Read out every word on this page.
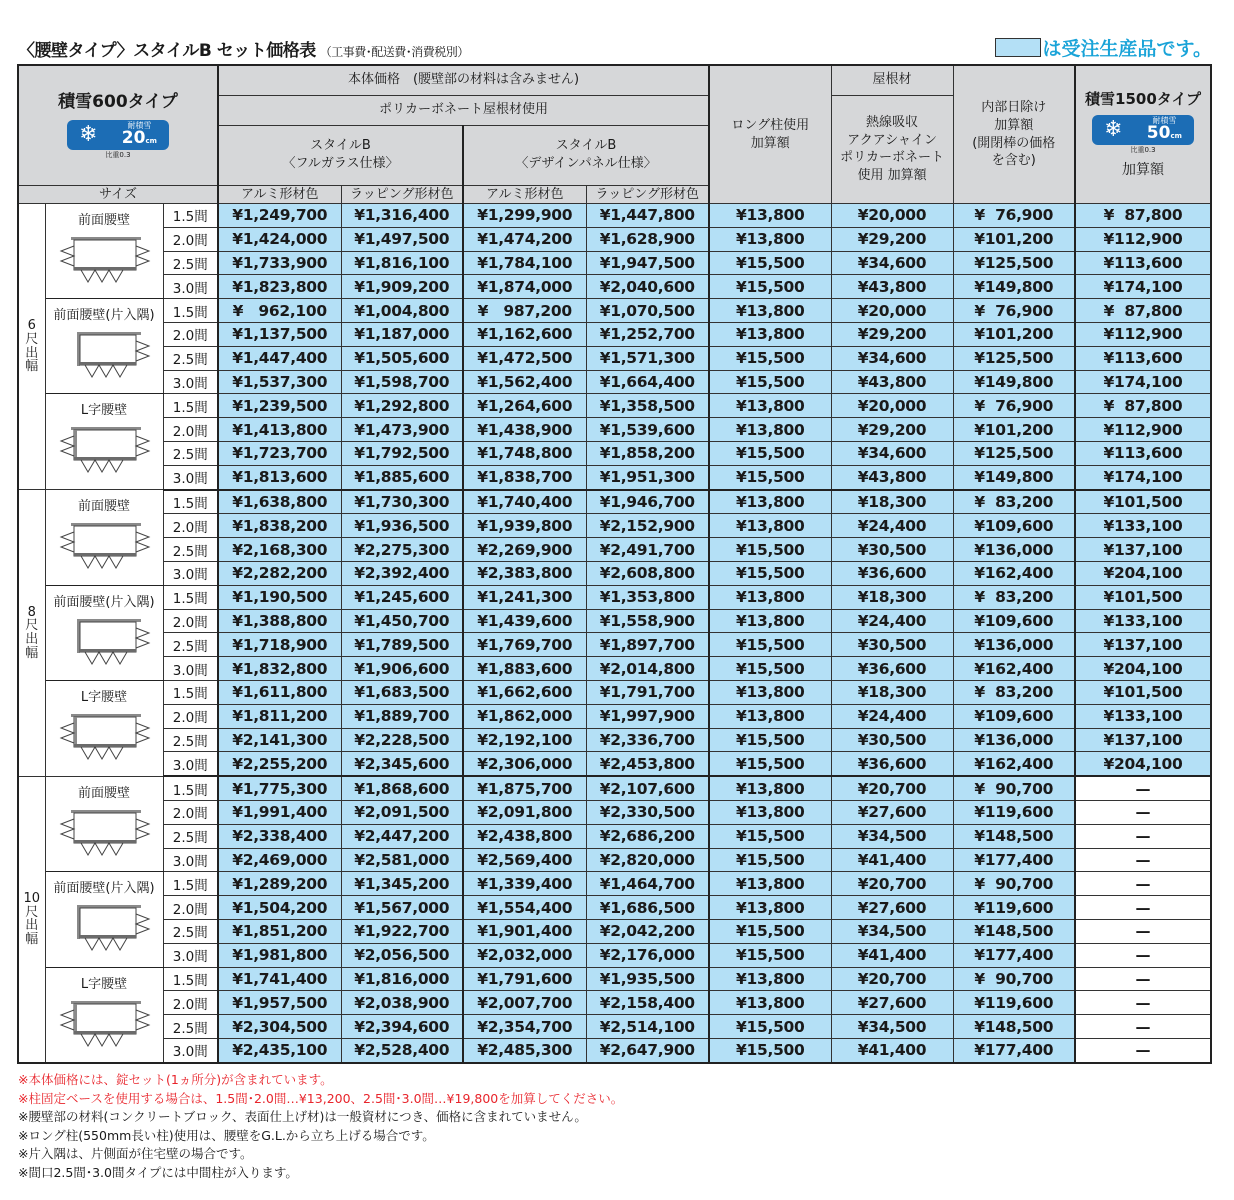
〈腰壁タイプ〉スタイルB セット価格表 （工事費･配送費･消費税別）	は受注生産品です。
積雪600タイプ
❄	耐積雪
20cm
比重0.3
	本体価格　(腰壁部の材料は含みません)	ロング柱使用
加算額	屋根材	内部日除け
加算額
(開閉棒の価格
を含む)	
積雪1500タイプ
❄	耐積雪
50cm
比重0.3
加算額

			ポリカーボネート屋根材使用					熱線吸収
アクアシャイン
ポリカーボネート
使用 加算額		
			スタイルB
〈フルガラス仕様〉		スタイルB
〈デザインパネル仕様〉					
サイズ			アルミ形材色	ラッピング形材色	アルミ形材色	ラッピング形材色				

6
尺
出
幅	前面腰壁	1.5間	¥1,249,700	¥1,316,400	¥1,299,900	¥1,447,800	¥13,800	¥20,000	¥  76,900	¥  87,800
		2.0間	¥1,424,000	¥1,497,500	¥1,474,200	¥1,628,900	¥13,800	¥29,200	¥101,200	¥112,900
		2.5間	¥1,733,900	¥1,816,100	¥1,784,100	¥1,947,500	¥15,500	¥34,600	¥125,500	¥113,600
		3.0間	¥1,823,800	¥1,909,200	¥1,874,000	¥2,040,600	¥15,500	¥43,800	¥149,800	¥174,100

	前面腰壁(片入隅)	1.5間	¥   962,100	¥1,004,800	¥   987,200	¥1,070,500	¥13,800	¥20,000	¥  76,900	¥  87,800
		2.0間	¥1,137,500	¥1,187,000	¥1,162,600	¥1,252,700	¥13,800	¥29,200	¥101,200	¥112,900
		2.5間	¥1,447,400	¥1,505,600	¥1,472,500	¥1,571,300	¥15,500	¥34,600	¥125,500	¥113,600
		3.0間	¥1,537,300	¥1,598,700	¥1,562,400	¥1,664,400	¥15,500	¥43,800	¥149,800	¥174,100

	L字腰壁	1.5間	¥1,239,500	¥1,292,800	¥1,264,600	¥1,358,500	¥13,800	¥20,000	¥  76,900	¥  87,800
		2.0間	¥1,413,800	¥1,473,900	¥1,438,900	¥1,539,600	¥13,800	¥29,200	¥101,200	¥112,900
		2.5間	¥1,723,700	¥1,792,500	¥1,748,800	¥1,858,200	¥15,500	¥34,600	¥125,500	¥113,600
		3.0間	¥1,813,600	¥1,885,600	¥1,838,700	¥1,951,300	¥15,500	¥43,800	¥149,800	¥174,100

8
尺
出
幅	前面腰壁	1.5間	¥1,638,800	¥1,730,300	¥1,740,400	¥1,946,700	¥13,800	¥18,300	¥  83,200	¥101,500
		2.0間	¥1,838,200	¥1,936,500	¥1,939,800	¥2,152,900	¥13,800	¥24,400	¥109,600	¥133,100
		2.5間	¥2,168,300	¥2,275,300	¥2,269,900	¥2,491,700	¥15,500	¥30,500	¥136,000	¥137,100
		3.0間	¥2,282,200	¥2,392,400	¥2,383,800	¥2,608,800	¥15,500	¥36,600	¥162,400	¥204,100

	前面腰壁(片入隅)	1.5間	¥1,190,500	¥1,245,600	¥1,241,300	¥1,353,800	¥13,800	¥18,300	¥  83,200	¥101,500
		2.0間	¥1,388,800	¥1,450,700	¥1,439,600	¥1,558,900	¥13,800	¥24,400	¥109,600	¥133,100
		2.5間	¥1,718,900	¥1,789,500	¥1,769,700	¥1,897,700	¥15,500	¥30,500	¥136,000	¥137,100
		3.0間	¥1,832,800	¥1,906,600	¥1,883,600	¥2,014,800	¥15,500	¥36,600	¥162,400	¥204,100

	L字腰壁	1.5間	¥1,611,800	¥1,683,500	¥1,662,600	¥1,791,700	¥13,800	¥18,300	¥  83,200	¥101,500
		2.0間	¥1,811,200	¥1,889,700	¥1,862,000	¥1,997,900	¥13,800	¥24,400	¥109,600	¥133,100
		2.5間	¥2,141,300	¥2,228,500	¥2,192,100	¥2,336,700	¥15,500	¥30,500	¥136,000	¥137,100
		3.0間	¥2,255,200	¥2,345,600	¥2,306,000	¥2,453,800	¥15,500	¥36,600	¥162,400	¥204,100

10
尺
出
幅	前面腰壁	1.5間	¥1,775,300	¥1,868,600	¥1,875,700	¥2,107,600	¥13,800	¥20,700	¥  90,700	—
		2.0間	¥1,991,400	¥2,091,500	¥2,091,800	¥2,330,500	¥13,800	¥27,600	¥119,600	—
		2.5間	¥2,338,400	¥2,447,200	¥2,438,800	¥2,686,200	¥15,500	¥34,500	¥148,500	—
		3.0間	¥2,469,000	¥2,581,000	¥2,569,400	¥2,820,000	¥15,500	¥41,400	¥177,400	—

	前面腰壁(片入隅)	1.5間	¥1,289,200	¥1,345,200	¥1,339,400	¥1,464,700	¥13,800	¥20,700	¥  90,700	—
		2.0間	¥1,504,200	¥1,567,000	¥1,554,400	¥1,686,500	¥13,800	¥27,600	¥119,600	—
		2.5間	¥1,851,200	¥1,922,700	¥1,901,400	¥2,042,200	¥15,500	¥34,500	¥148,500	—
		3.0間	¥1,981,800	¥2,056,500	¥2,032,000	¥2,176,000	¥15,500	¥41,400	¥177,400	—

	L字腰壁	1.5間	¥1,741,400	¥1,816,000	¥1,791,600	¥1,935,500	¥13,800	¥20,700	¥  90,700	—
		2.0間	¥1,957,500	¥2,038,900	¥2,007,700	¥2,158,400	¥13,800	¥27,600	¥119,600	—
		2.5間	¥2,304,500	¥2,394,600	¥2,354,700	¥2,514,100	¥15,500	¥34,500	¥148,500	—
		3.0間	¥2,435,100	¥2,528,400	¥2,485,300	¥2,647,900	¥15,500	¥41,400	¥177,400	—
※本体価格には、錠セット(1ヵ所分)が含まれています。
※柱固定ベースを使用する場合は、1.5間･2.0間…¥13,200、2.5間･3.0間…¥19,800を加算してください。
※腰壁部の材料(コンクリートブロック、表面仕上げ材)は一般資材につき、価格に含まれていません。
※ロング柱(550mm長い柱)使用は、腰壁をG.L.から立ち上げる場合です。
※片入隅は、片側面が住宅壁の場合です。
※間口2.5間･3.0間タイプには中間柱が入ります。
